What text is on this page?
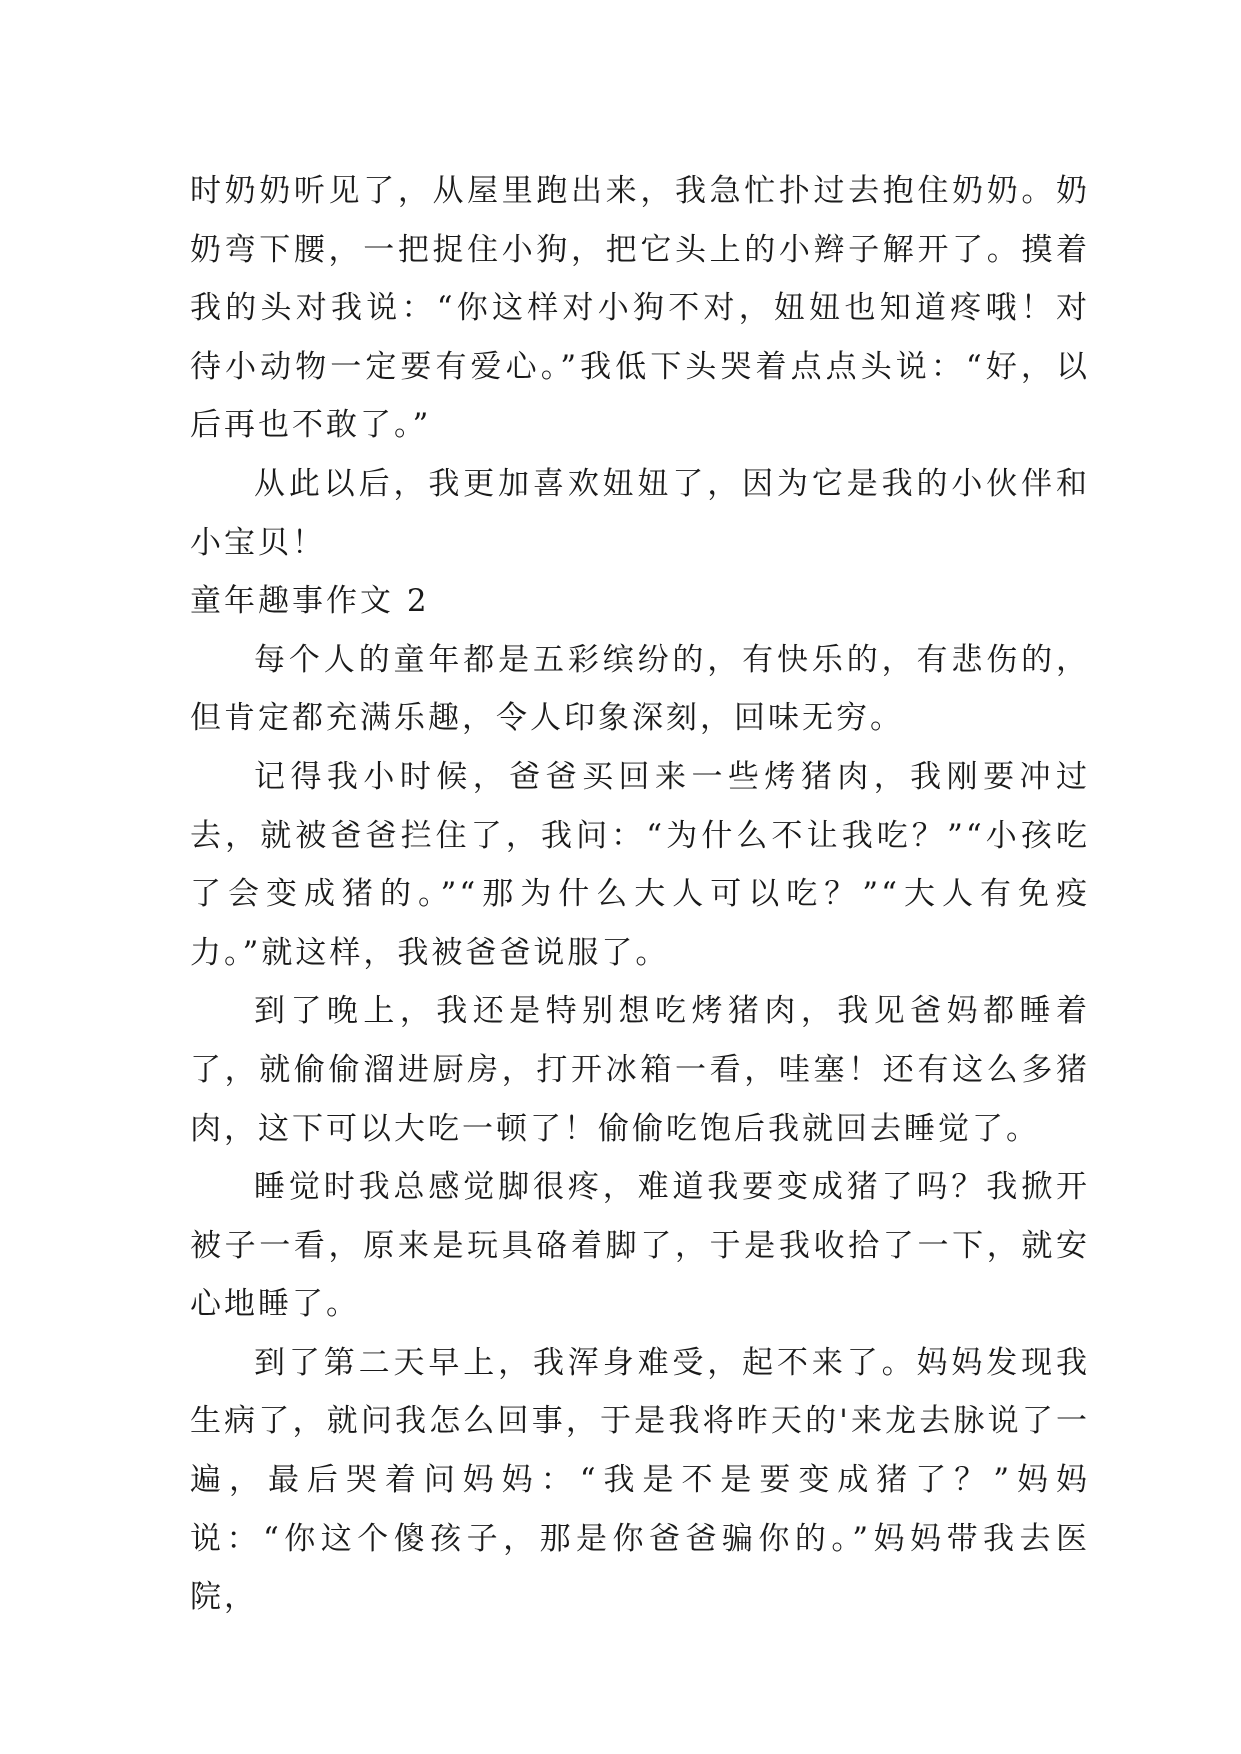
时奶奶听见了，从屋里跑出来，我急忙扑过去抱住奶奶。奶奶弯下腰，一把捉住小狗，把它头上的小辫子解开了。摸着我的头对我说：“你这样对小狗不对，妞妞也知道疼哦！对待小动物一定要有爱心。”我低下头哭着点点头说：“好，以后再也不敢了。”

从此以后，我更加喜欢妞妞了，因为它是我的小伙伴和小宝贝！

童年趣事作文 2

每个人的童年都是五彩缤纷的，有快乐的，有悲伤的，但肯定都充满乐趣，令人印象深刻，回味无穷。

记得我小时候，爸爸买回来一些烤猪肉，我刚要冲过去，就被爸爸拦住了，我问：“为什么不让我吃？”“小孩吃了会变成猪的。”“那为什么大人可以吃？”“大人有免疫力。”就这样，我被爸爸说服了。

到了晚上，我还是特别想吃烤猪肉，我见爸妈都睡着了，就偷偷溜进厨房，打开冰箱一看，哇塞！还有这么多猪肉，这下可以大吃一顿了！偷偷吃饱后我就回去睡觉了。

睡觉时我总感觉脚很疼，难道我要变成猪了吗？我掀开被子一看，原来是玩具硌着脚了，于是我收拾了一下，就安心地睡了。

到了第二天早上，我浑身难受，起不来了。妈妈发现我生病了，就问我怎么回事，于是我将昨天的'来龙去脉说了一遍，最后哭着问妈妈：“我是不是要变成猪了？”妈妈说：“你这个傻孩子，那是你爸爸骗你的。”妈妈带我去医院，
